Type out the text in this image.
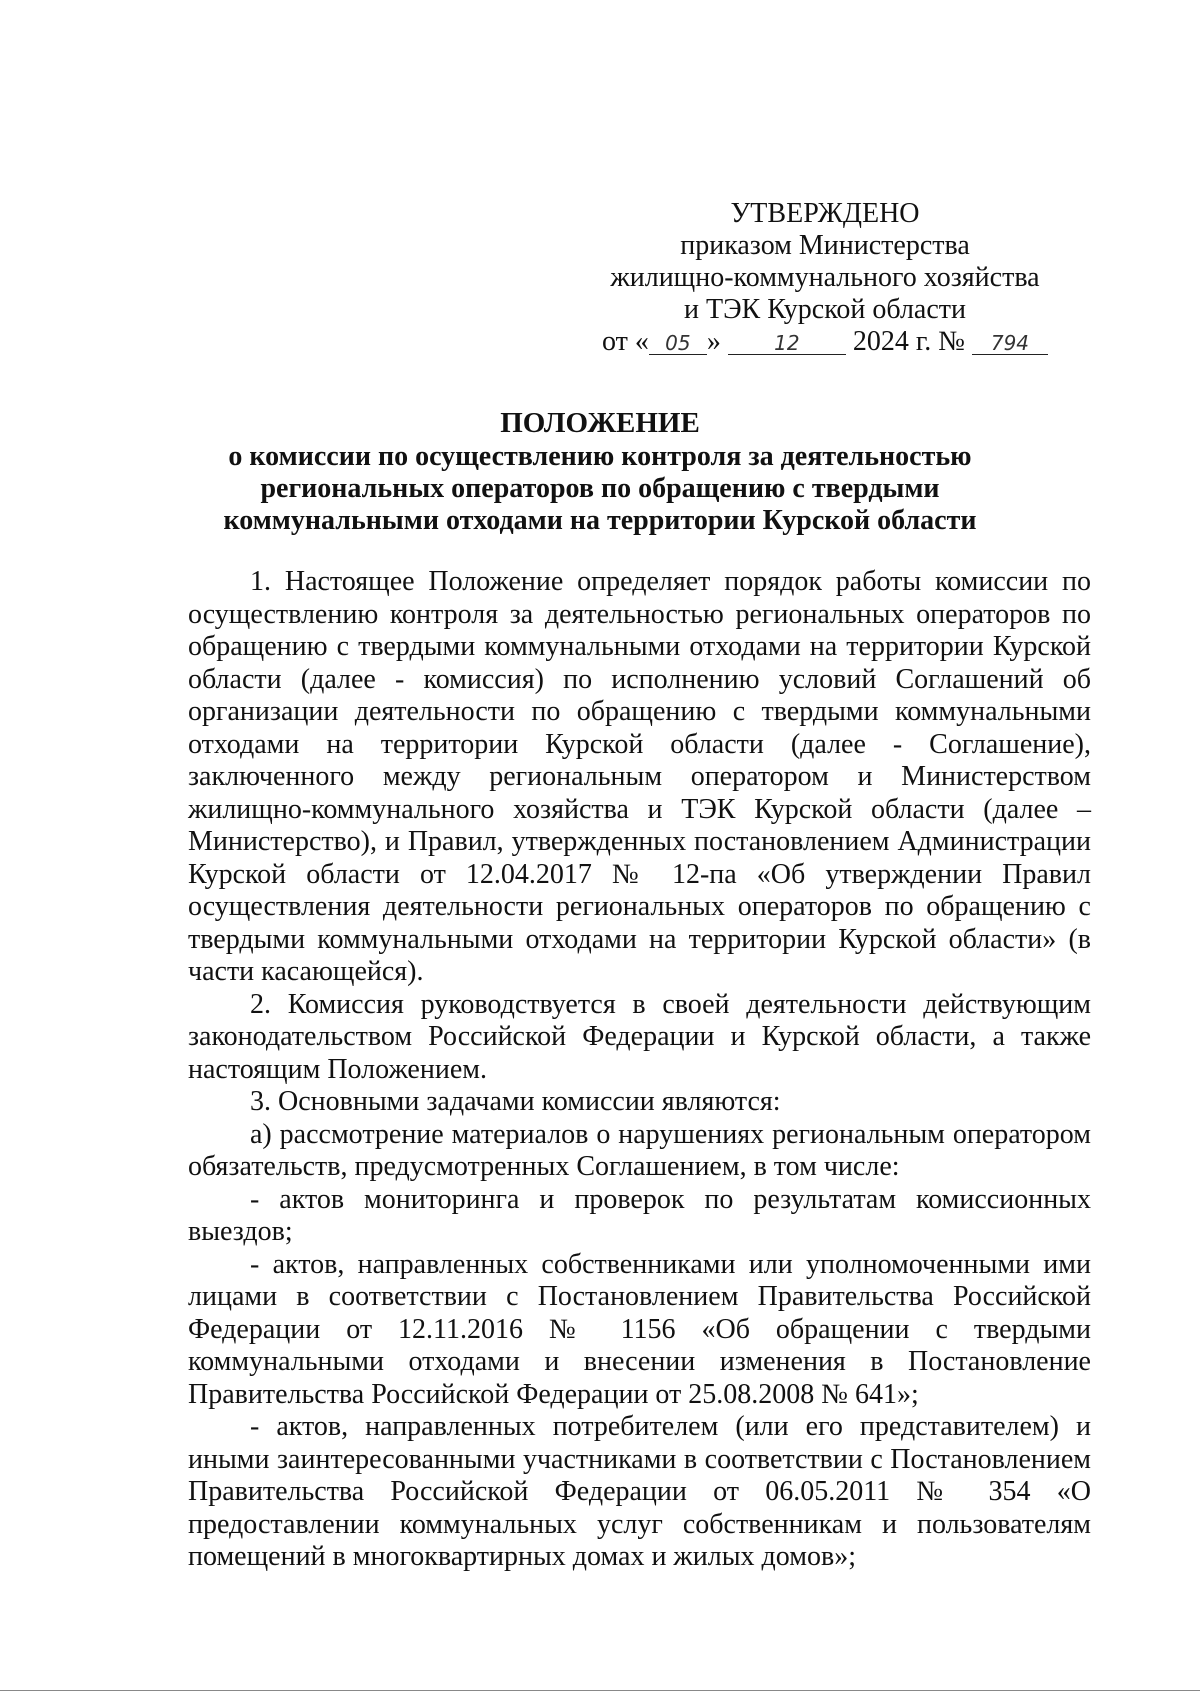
УТВЕРЖДЕНО
приказом Министерства
жилищно-коммунального хозяйства
и ТЭК Курской области
от « 05 »	12 2024 г. № 794
ПОЛОЖЕНИЕ
о комиссии по осуществлению контроля за деятельностью
региональных операторов по обращению с твердыми
коммунальными отходами на территории Курской области

1. Настоящее Положение определяет порядок работы комиссии по осуществлению контроля за деятельностью региональных операторов по обращению с твердыми коммунальными отходами на территории Курской области (далее - комиссия) по исполнению условий Соглашений об организации деятельности по обращению с твердыми коммунальными отходами на территории Курской области (далее - Соглашение), заключенного между региональным оператором и Министерством жилищно-коммунального хозяйства и ТЭК Курской области (далее – Министерство), и Правил, утвержденных постановлением Администрации Курской области от 12.04.2017 № 12-па «Об утверждении Правил осуществления деятельности региональных операторов по обращению с твердыми коммунальными отходами на территории Курской области» (в части касающейся).

2. Комиссия руководствуется в своей деятельности действующим законодательством Российской Федерации и Курской области, а также настоящим Положением.

3. Основными задачами комиссии являются:

а) рассмотрение материалов о нарушениях региональным оператором обязательств, предусмотренных Соглашением, в том числе:

- актов мониторинга и проверок по результатам комиссионных выездов;

- актов, направленных собственниками или уполномоченными ими лицами в соответствии с Постановлением Правительства Российской Федерации от 12.11.2016 № 1156 «Об обращении с твердыми коммунальными отходами и внесении изменения в Постановление Правительства Российской Федерации от 25.08.2008 № 641»;

- актов, направленных потребителем (или его представителем) и иными заинтересованными участниками в соответствии с Постановлением Правительства Российской Федерации от 06.05.2011 № 354 «О предоставлении коммунальных услуг собственникам и пользователям помещений в многоквартирных домах и жилых домов»;
